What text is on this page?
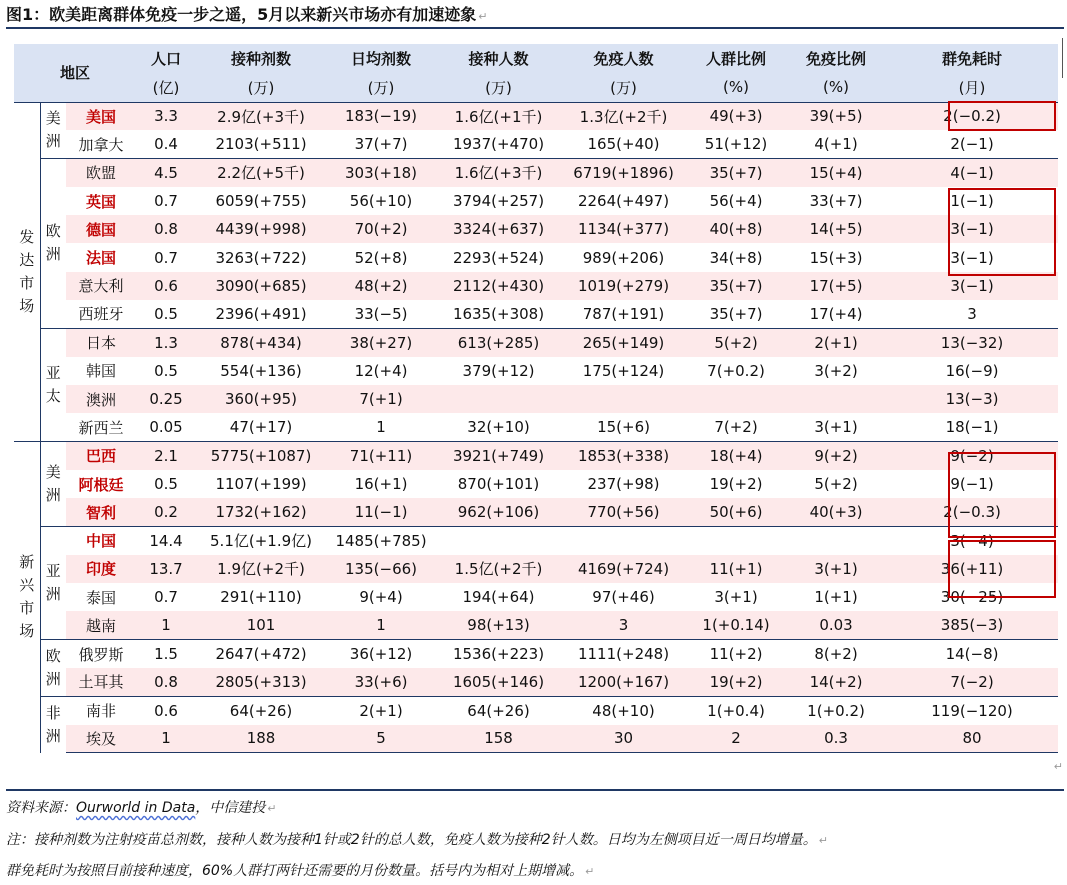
图1：欧美距离群体免疫一步之遥，5月以来新兴市场亦有加速迹象 ↵
地区			人口	接种剂数	日均剂数	接种人数	免疫人数	人群比例	免疫比例	群免耗时
			(亿)	(万)	(万)	(万)	(万)	(%)	(%)	(月)
发达市场	美洲	美国	3.3	2.9亿(+3千)	183(−19)	1.6亿(+1千)	1.3亿(+2千)	49(+3)	39(+5)	2(−0.2)
		加拿大	0.4	2103(+511)	37(+7)	1937(+470)	165(+40)	51(+12)	4(+1)	2(−1)
	欧洲	欧盟	4.5	2.2亿(+5千)	303(+18)	1.6亿(+3千)	6719(+1896)	35(+7)	15(+4)	4(−1)
		英国	0.7	6059(+755)	56(+10)	3794(+257)	2264(+497)	56(+4)	33(+7)	1(−1)
		德国	0.8	4439(+998)	70(+2)	3324(+637)	1134(+377)	40(+8)	14(+5)	3(−1)
		法国	0.7	3263(+722)	52(+8)	2293(+524)	989(+206)	34(+8)	15(+3)	3(−1)
		意大利	0.6	3090(+685)	48(+2)	2112(+430)	1019(+279)	35(+7)	17(+5)	3(−1)
		西班牙	0.5	2396(+491)	33(−5)	1635(+308)	787(+191)	35(+7)	17(+4)	3
	亚太	日本	1.3	878(+434)	38(+27)	613(+285)	265(+149)	5(+2)	2(+1)	13(−32)
		韩国	0.5	554(+136)	12(+4)	379(+12)	175(+124)	7(+0.2)	3(+2)	16(−9)
		澳洲	0.25	360(+95)	7(+1)					13(−3)
		新西兰	0.05	47(+17)	1	32(+10)	15(+6)	7(+2)	3(+1)	18(−1)
新兴市场	美洲	巴西	2.1	5775(+1087)	71(+11)	3921(+749)	1853(+338)	18(+4)	9(+2)	9(−2)
		阿根廷	0.5	1107(+199)	16(+1)	870(+101)	237(+98)	19(+2)	5(+2)	9(−1)
		智利	0.2	1732(+162)	11(−1)	962(+106)	770(+56)	50(+6)	40(+3)	2(−0.3)
	亚洲	中国	14.4	5.1亿(+1.9亿)	1485(+785)					3(−4)
		印度	13.7	1.9亿(+2千)	135(−66)	1.5亿(+2千)	4169(+724)	11(+1)	3(+1)	36(+11)
		泰国	0.7	291(+110)	9(+4)	194(+64)	97(+46)	3(+1)	1(+1)	30(−25)
		越南	1	101	1	98(+13)	3	1(+0.14)	0.03	385(−3)
	欧洲	俄罗斯	1.5	2647(+472)	36(+12)	1536(+223)	1111(+248)	11(+2)	8(+2)	14(−8)
		土耳其	0.8	2805(+313)	33(+6)	1605(+146)	1200(+167)	19(+2)	14(+2)	7(−2)
	非洲	南非	0.6	64(+26)	2(+1)	64(+26)	48(+10)	1(+0.4)	1(+0.2)	119(−120)
		埃及	1	188	5	158	30	2	0.3	80
↵
资料来源：Ourworld in Data，中信建投 ↵
注：接种剂数为注射疫苗总剂数，接种人数为接种1针或2针的总人数，免疫人数为接种2针人数。日均为左侧项目近一周日均增量。 ↵
群免耗时为按照目前接种速度，60%人群打两针还需要的月份数量。括号内为相对上期增减。 ↵
